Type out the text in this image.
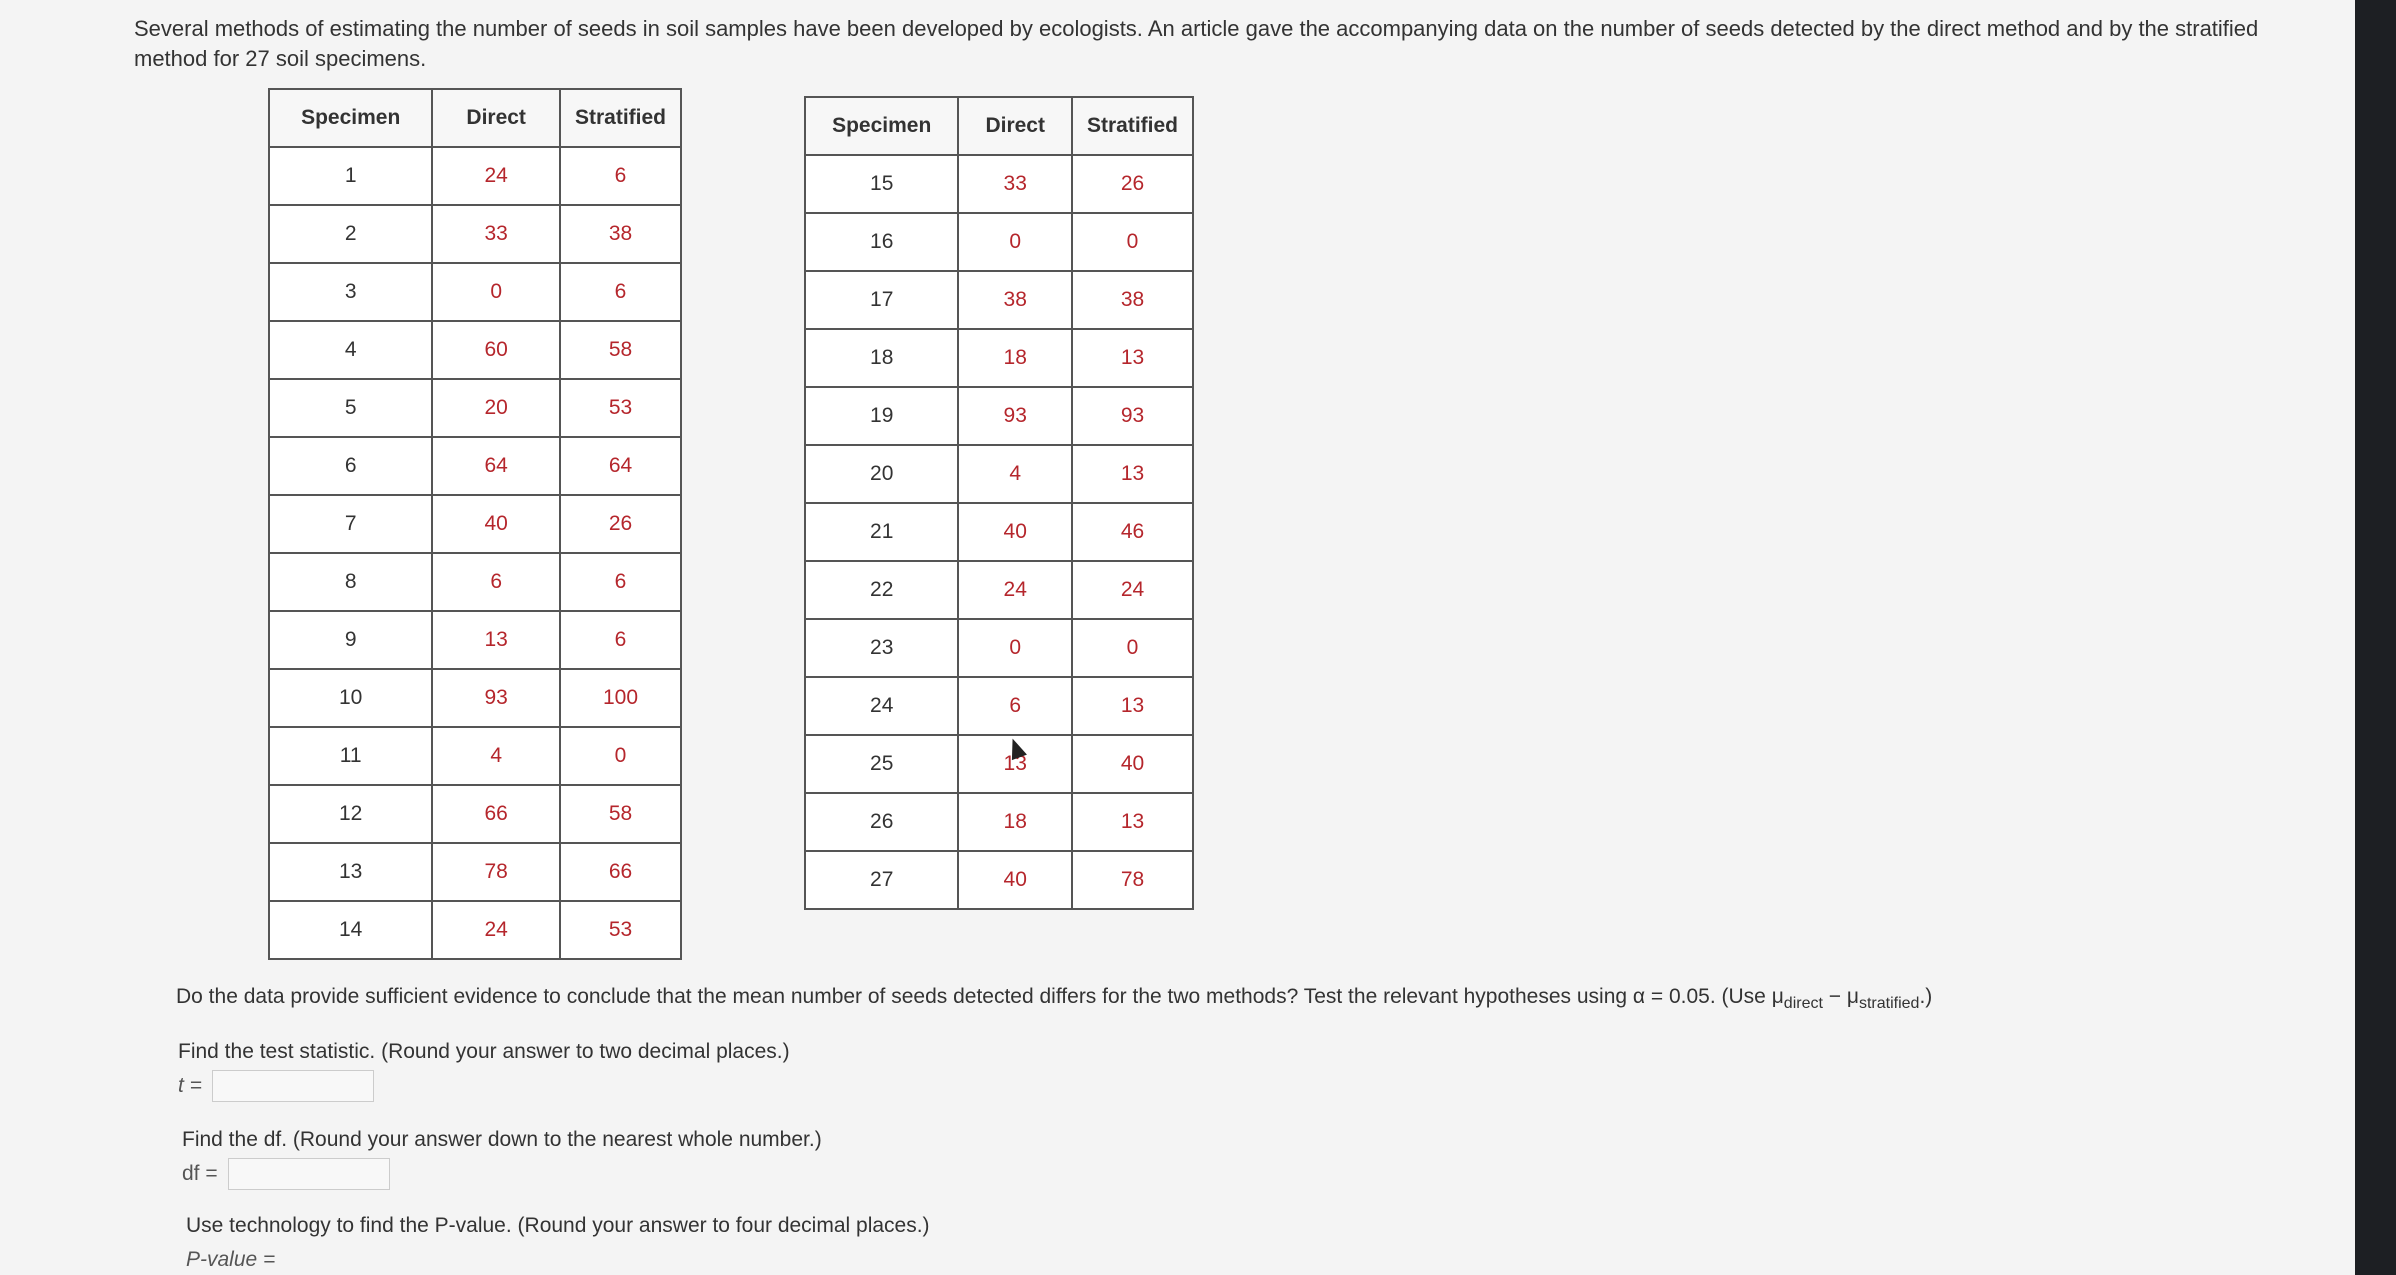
Several methods of estimating the number of seeds in soil samples have been developed by ecologists. An article gave the accompanying data on the number of seeds detected by the direct method and by the stratified method for 27 soil specimens.
Specimen	Direct	Stratified
1	24	6
2	33	38
3	0	6
4	60	58
5	20	53
6	64	64
7	40	26
8	6	6
9	13	6
10	93	100
11	4	0
12	66	58
13	78	66
14	24	53
Specimen	Direct	Stratified
15	33	26
16	0	0
17	38	38
18	18	13
19	93	93
20	4	13
21	40	46
22	24	24
23	0	0
24	6	13
25	13	40
26	18	13
27	40	78
Do the data provide sufficient evidence to conclude that the mean number of seeds detected differs for the two methods? Test the relevant hypotheses using α = 0.05. (Use $\mu_{direct} - \mu_{stratified}$.)
Find the test statistic. (Round your answer to two decimal places.)
t =
Find the df. (Round your answer down to the nearest whole number.)
df =
Use technology to find the P-value. (Round your answer to four decimal places.)
P-value =
